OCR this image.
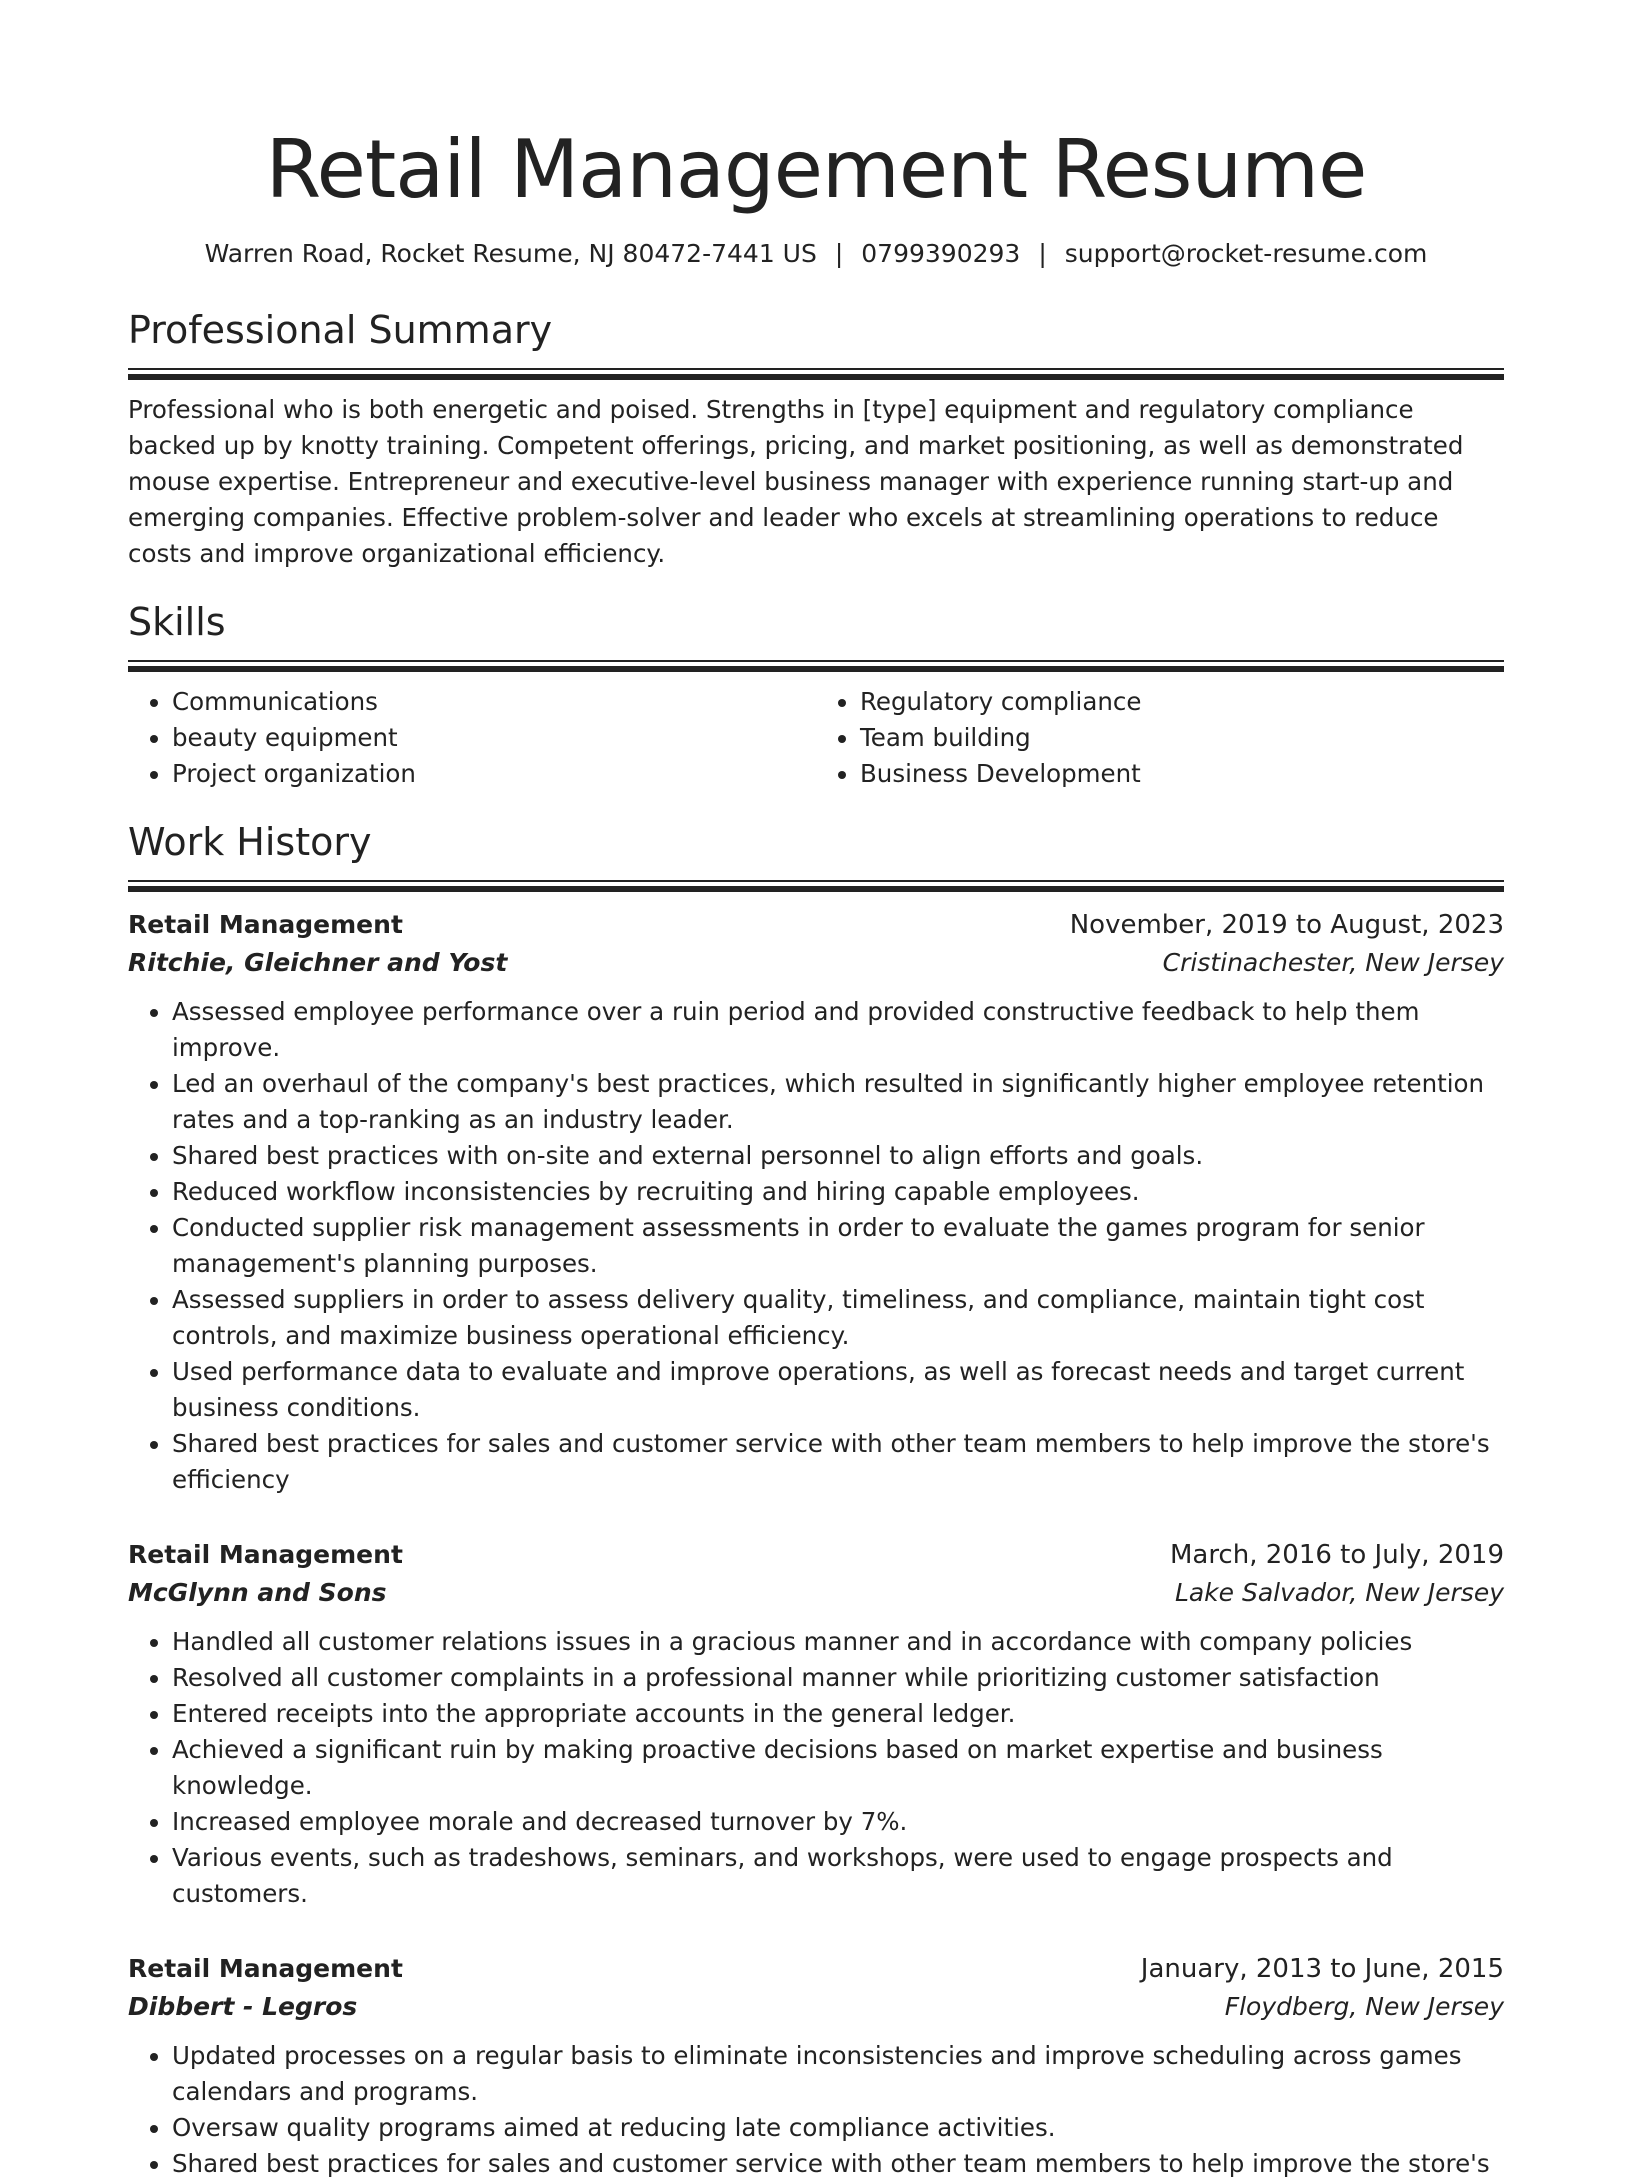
Retail Management Resume
Warren Road, Rocket Resume, NJ 80472-7441 US | 0799390293 | support@rocket-resume.com
Professional Summary

Professional who is both energetic and poised. Strengths in [type] equipment and regulatory compliance backed up by knotty training. Competent offerings, pricing, and market positioning, as well as demonstrated mouse expertise. Entrepreneur and executive-level business manager with experience running start-up and emerging companies. Effective problem-solver and leader who excels at streamlining operations to reduce costs and improve organizational efficiency.

Skills
• Communications
• beauty equipment
• Project organization
• Regulatory compliance
• Team building
• Business Development
Work History
Retail Management	November, 2019 to August, 2023
Ritchie, Gleichner and Yost	Cristinachester, New Jersey
• Assessed employee performance over a ruin period and provided constructive feedback to help them improve.
• Led an overhaul of the company's best practices, which resulted in significantly higher employee retention rates and a top-ranking as an industry leader.
• Shared best practices with on-site and external personnel to align efforts and goals.
• Reduced workflow inconsistencies by recruiting and hiring capable employees.
• Conducted supplier risk management assessments in order to evaluate the games program for senior management's planning purposes.
• Assessed suppliers in order to assess delivery quality, timeliness, and compliance, maintain tight cost controls, and maximize business operational efficiency.
• Used performance data to evaluate and improve operations, as well as forecast needs and target current business conditions.
• Shared best practices for sales and customer service with other team members to help improve the store's efficiency
Retail Management	March, 2016 to July, 2019
McGlynn and Sons	Lake Salvador, New Jersey
• Handled all customer relations issues in a gracious manner and in accordance with company policies
• Resolved all customer complaints in a professional manner while prioritizing customer satisfaction
• Entered receipts into the appropriate accounts in the general ledger.
• Achieved a significant ruin by making proactive decisions based on market expertise and business knowledge.
• Increased employee morale and decreased turnover by 7%.
• Various events, such as tradeshows, seminars, and workshops, were used to engage prospects and customers.
Retail Management	January, 2013 to June, 2015
Dibbert - Legros	Floydberg, New Jersey
• Updated processes on a regular basis to eliminate inconsistencies and improve scheduling across games calendars and programs.
• Oversaw quality programs aimed at reducing late compliance activities.
• Shared best practices for sales and customer service with other team members to help improve the store's
